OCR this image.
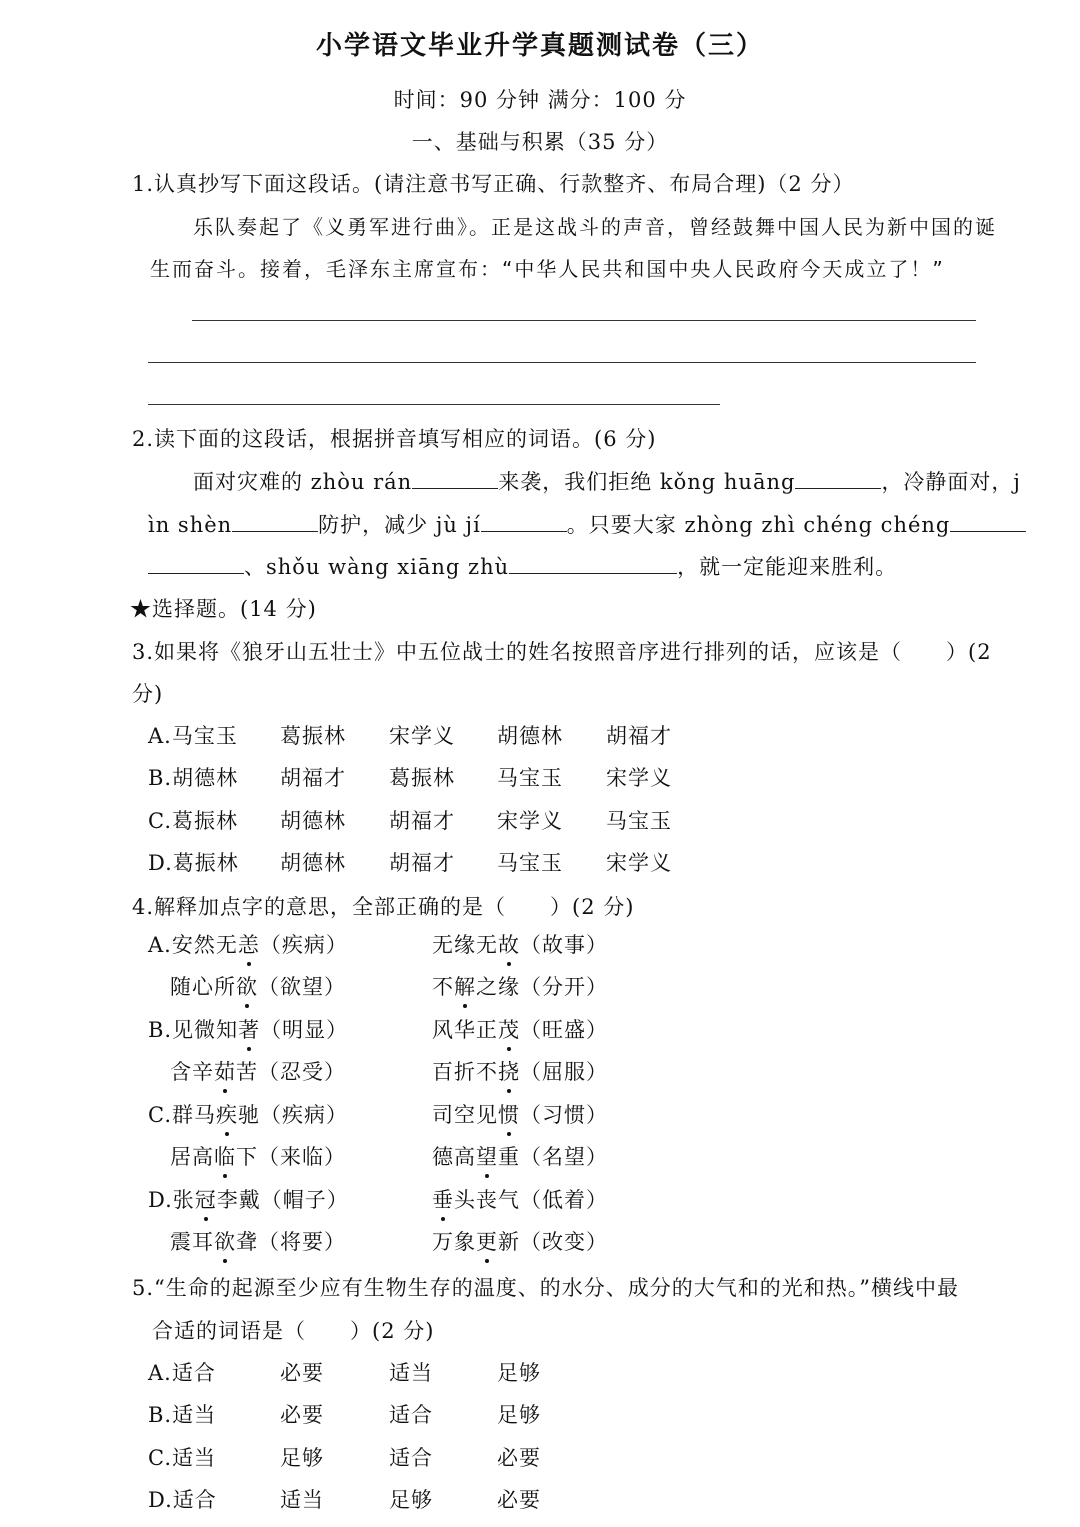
小学语文毕业升学真题测试卷（三）
时间：90 分钟 满分：100 分
一、基础与积累（35 分）
1.认真抄写下面这段话。(请注意书写正确、行款整齐、布局合理)（2 分）
乐队奏起了《义勇军进行曲》。正是这战斗的声音，曾经鼓舞中国人民为新中国的诞
生而奋斗。接着，毛泽东主席宣布：“中华人民共和国中央人民政府今天成立了！”
2.读下面的这段话，根据拼音填写相应的词语。(6 分)
面对灾难的 zhòu rán	来袭，我们拒绝 kǒng huāng	，冷静面对，j
ìn shèn	防护，减少 jù jí	。只要大家 zhòng zhì chéng chéng
、shǒu wàng xiāng zhù	，就一定能迎来胜利。
★选择题。(14 分)
3.如果将《狼牙山五壮士》中五位战士的姓名按照音序进行排列的话，应该是（　　）(2
分)
A.马宝玉 葛振林 宋学义 胡德林 胡福才
B.胡德林 胡福才 葛振林 马宝玉 宋学义
C.葛振林 胡德林 胡福才 宋学义 马宝玉
D.葛振林 胡德林 胡福才 马宝玉 宋学义
4.解释加点字的意思，全部正确的是（　　）(2 分)
A.安然无恙（疾病）	无缘无故（故事）
随心所欲（欲望）	不解之缘（分开）
B.见微知著（明显）	风华正茂（旺盛）
含辛茹苦（忍受）	百折不挠（屈服）
C.群马疾驰（疾病）	司空见惯（习惯）
居高临下（来临）	德高望重（名望）
D.张冠李戴（帽子）	垂头丧气（低着）
震耳欲聋（将要）	万象更新（改变）
5.“生命的起源至少应有生物生存的温度、的水分、成分的大气和的光和热。”横线中最
合适的词语是（　　）(2 分)
A.适合	必要	适当	足够
B.适当	必要	适合	足够
C.适当	足够	适合	必要
D.适合	适当	足够	必要
